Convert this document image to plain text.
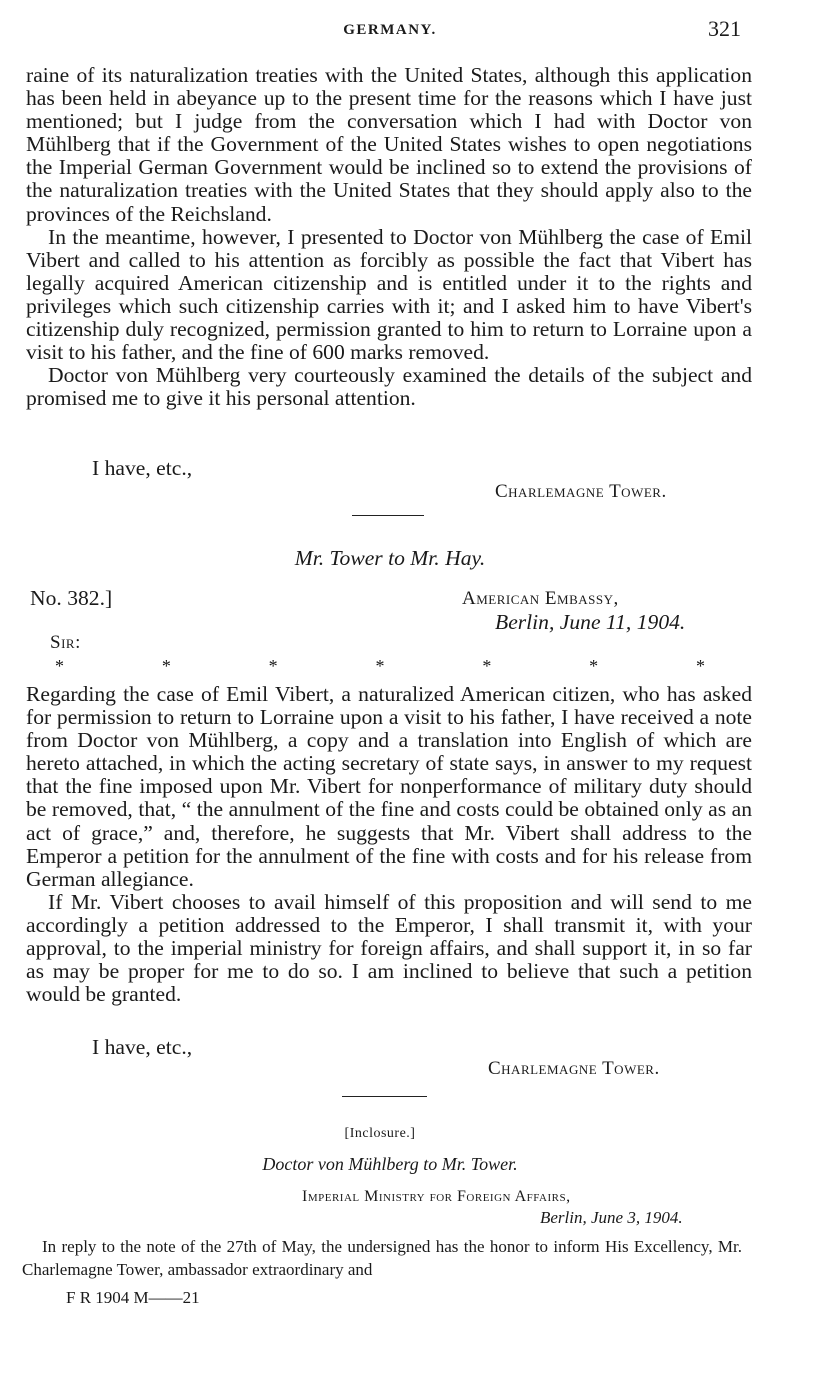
GERMANY.	321

raine of its naturalization treaties with the United States, although this application has been held in abeyance up to the present time for the reasons which I have just mentioned; but I judge from the conversation which I had with Doctor von Mühlberg that if the Government of the United States wishes to open negotiations the Imperial German Government would be inclined so to extend the provisions of the naturalization treaties with the United States that they should apply also to the provinces of the Reichsland.

In the meantime, however, I presented to Doctor von Mühlberg the case of Emil Vibert and called to his attention as forcibly as possible the fact that Vibert has legally acquired American citizenship and is entitled under it to the rights and privileges which such citizenship carries with it; and I asked him to have Vibert's citizenship duly recognized, permission granted to him to return to Lorraine upon a visit to his father, and the fine of 600 marks removed.

Doctor von Mühlberg very courteously examined the details of the subject and promised me to give it his personal attention.

I have, etc.,
Charlemagne Tower.
Mr. Tower to Mr. Hay.
No. 382.]	American Embassy,
Berlin, June 11, 1904.
Sir:
*	*	*	*	*	*	*

Regarding the case of Emil Vibert, a naturalized American citizen, who has asked for permission to return to Lorraine upon a visit to his father, I have received a note from Doctor von Mühlberg, a copy and a translation into English of which are hereto attached, in which the acting secretary of state says, in answer to my request that the fine imposed upon Mr. Vibert for nonperformance of military duty should be removed, that, “ the annulment of the fine and costs could be obtained only as an act of grace,” and, therefore, he suggests that Mr. Vibert shall address to the Emperor a petition for the annulment of the fine with costs and for his release from German allegiance.

If Mr. Vibert chooses to avail himself of this proposition and will send to me accordingly a petition addressed to the Emperor, I shall transmit it, with your approval, to the imperial ministry for foreign affairs, and shall support it, in so far as may be proper for me to do so. I am inclined to believe that such a petition would be granted.

I have, etc.,
Charlemagne Tower.
[Inclosure.]
Doctor von Mühlberg to Mr. Tower.
Imperial Ministry for Foreign Affairs,
Berlin, June 3, 1904.

In reply to the note of the 27th of May, the undersigned has the honor to inform His Excellency, Mr. Charlemagne Tower, ambassador extraordinary and

F R 1904 M——21
